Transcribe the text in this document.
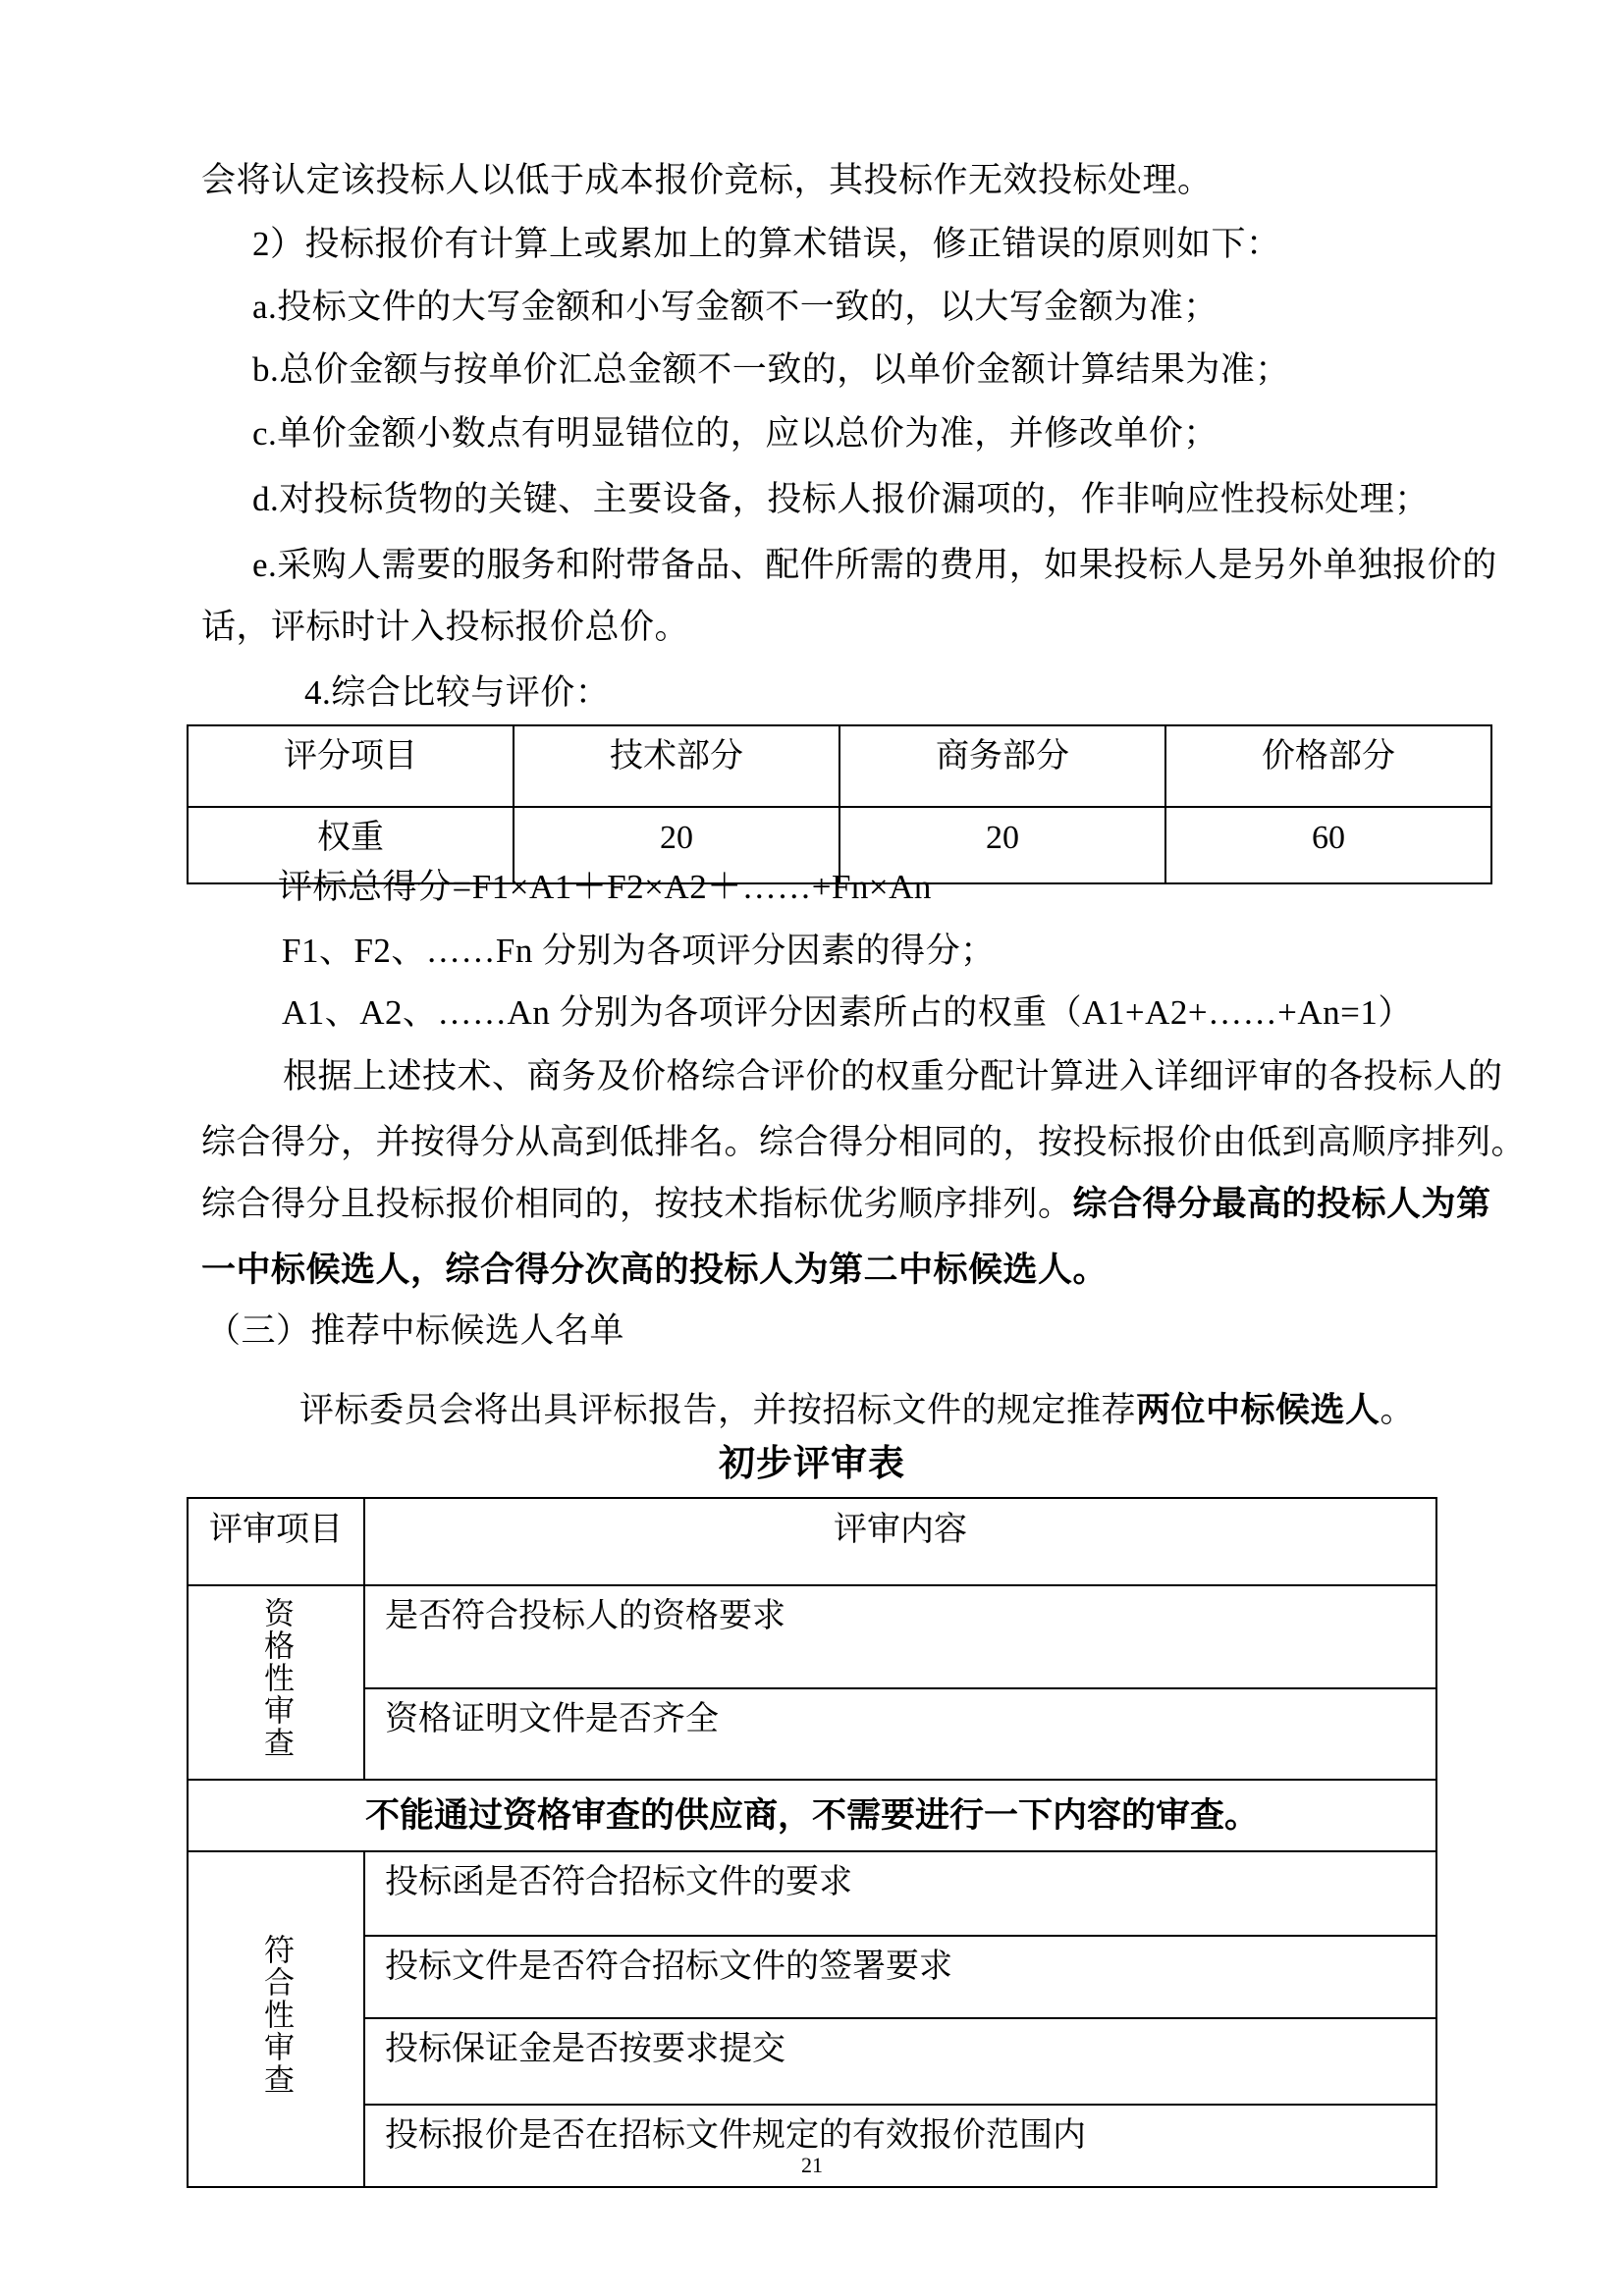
会将认定该投标人以低于成本报价竞标，其投标作无效投标处理。
2）投标报价有计算上或累加上的算术错误，修正错误的原则如下：
a.投标文件的大写金额和小写金额不一致的，以大写金额为准；
b.总价金额与按单价汇总金额不一致的，以单价金额计算结果为准；
c.单价金额小数点有明显错位的，应以总价为准，并修改单价；
d.对投标货物的关键、主要设备，投标人报价漏项的，作非响应性投标处理；
e.采购人需要的服务和附带备品、配件所需的费用，如果投标人是另外单独报价的
话，评标时计入投标报价总价。
4.综合比较与评价：
评分项目	技术部分	商务部分	价格部分
权重	20	20	60
评标总得分=F1×A1＋F2×A2＋……+Fn×An
F1、F2、……Fn 分别为各项评分因素的得分；
A1、A2、……An 分别为各项评分因素所占的权重（A1+A2+……+An=1）
根据上述技术、商务及价格综合评价的权重分配计算进入详细评审的各投标人的
综合得分，并按得分从高到低排名。综合得分相同的，按投标报价由低到高顺序排列。
综合得分且投标报价相同的，按技术指标优劣顺序排列。综合得分最高的投标人为第
一中标候选人，综合得分次高的投标人为第二中标候选人。
（三）推荐中标候选人名单
评标委员会将出具评标报告，并按招标文件的规定推荐两位中标候选人。
初步评审表
评审项目	评审内容
资格性审查	是否符合投标人的资格要求
	资格证明文件是否齐全
不能通过资格审查的供应商，不需要进行一下内容的审查。	
符合性审查	投标函是否符合招标文件的要求
	投标文件是否符合招标文件的签署要求
	投标保证金是否按要求提交
	投标报价是否在招标文件规定的有效报价范围内
21
